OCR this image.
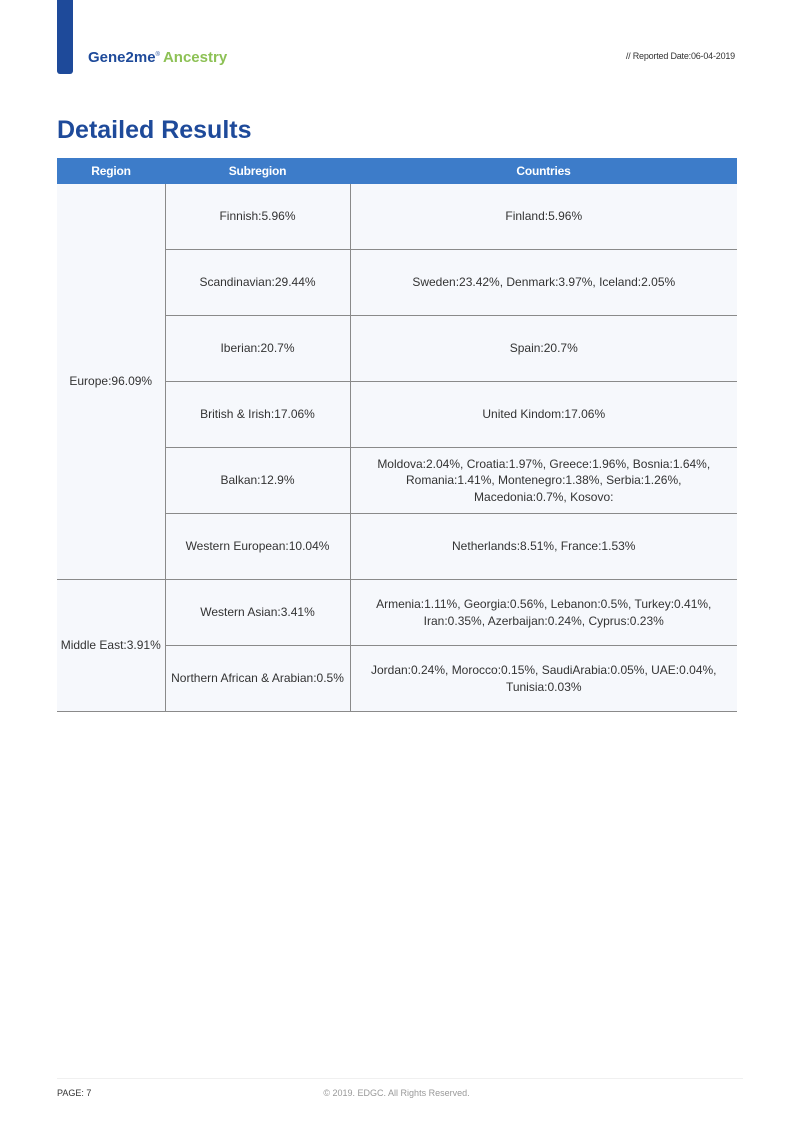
Gene2me® Ancestry	// Reported Date:06-04-2019
Detailed Results
Region	Subregion	Countries
Europe:96.09%	Finnish:5.96%	Finland:5.96%
	Scandinavian:29.44%	Sweden:23.42%, Denmark:3.97%, Iceland:2.05%
	Iberian:20.7%	Spain:20.7%
	British & Irish:17.06%	United Kindom:17.06%
	Balkan:12.9%	Moldova:2.04%, Croatia:1.97%, Greece:1.96%, Bosnia:1.64%, Romania:1.41%, Montenegro:1.38%, Serbia:1.26%, Macedonia:0.7%, Kosovo:
	Western European:10.04%	Netherlands:8.51%, France:1.53%
Middle East:3.91%	Western Asian:3.41%	Armenia:1.11%, Georgia:0.56%, Lebanon:0.5%, Turkey:0.41%, Iran:0.35%, Azerbaijan:0.24%, Cyprus:0.23%
	Northern African & Arabian:0.5%	Jordan:0.24%, Morocco:0.15%, SaudiArabia:0.05%, UAE:0.04%, Tunisia:0.03%
PAGE: 7	© 2019. EDGC. All Rights Reserved.
